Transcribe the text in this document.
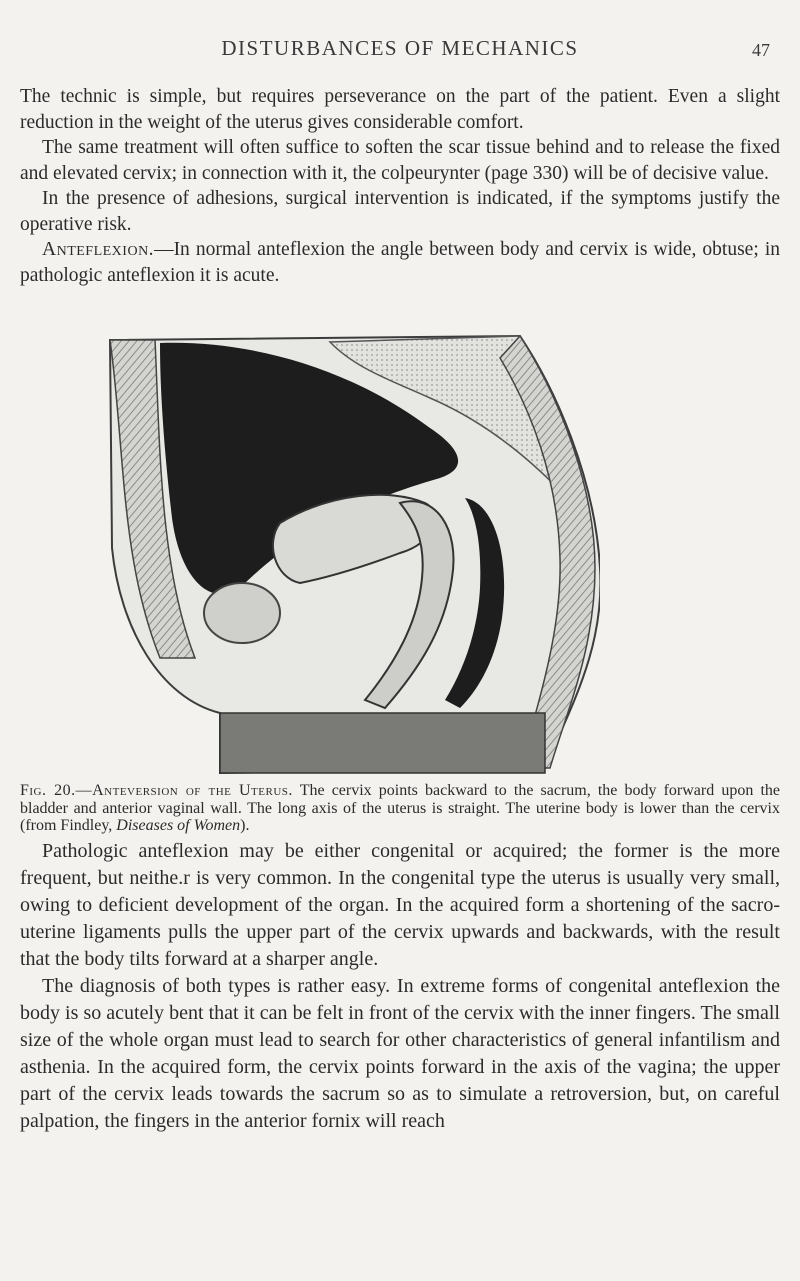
DISTURBANCES OF MECHANICS	47

The technic is simple, but requires perseverance on the part of the patient. Even a slight reduction in the weight of the uterus gives considerable comfort.

The same treatment will often suffice to soften the scar tissue behind and to release the fixed and elevated cervix; in connection with it, the colpeurynter (page 330) will be of decisive value.

In the presence of adhesions, surgical intervention is indicated, if the symptoms justify the operative risk.

Anteflexion.—In normal anteflexion the angle between body and cervix is wide, obtuse; in pathologic anteflexion it is acute.

Fig. 20.—Anteversion of the Uterus. The cervix points backward to the sacrum, the body forward upon the bladder and anterior vaginal wall. The long axis of the uterus is straight. The uterine body is lower than the cervix (from Findley, Diseases of Women).

Pathologic anteflexion may be either congenital or acquired; the former is the more frequent, but neithe.r is very common. In the congenital type the uterus is usually very small, owing to deficient development of the organ. In the acquired form a shortening of the sacro-uterine ligaments pulls the upper part of the cervix upwards and backwards, with the result that the body tilts forward at a sharper angle.

The diagnosis of both types is rather easy. In extreme forms of congenital anteflexion the body is so acutely bent that it can be felt in front of the cervix with the inner fingers. The small size of the whole organ must lead to search for other characteristics of general infantilism and asthenia. In the acquired form, the cervix points forward in the axis of the vagina; the upper part of the cervix leads towards the sacrum so as to simulate a retroversion, but, on careful palpation, the fingers in the anterior fornix will reach
